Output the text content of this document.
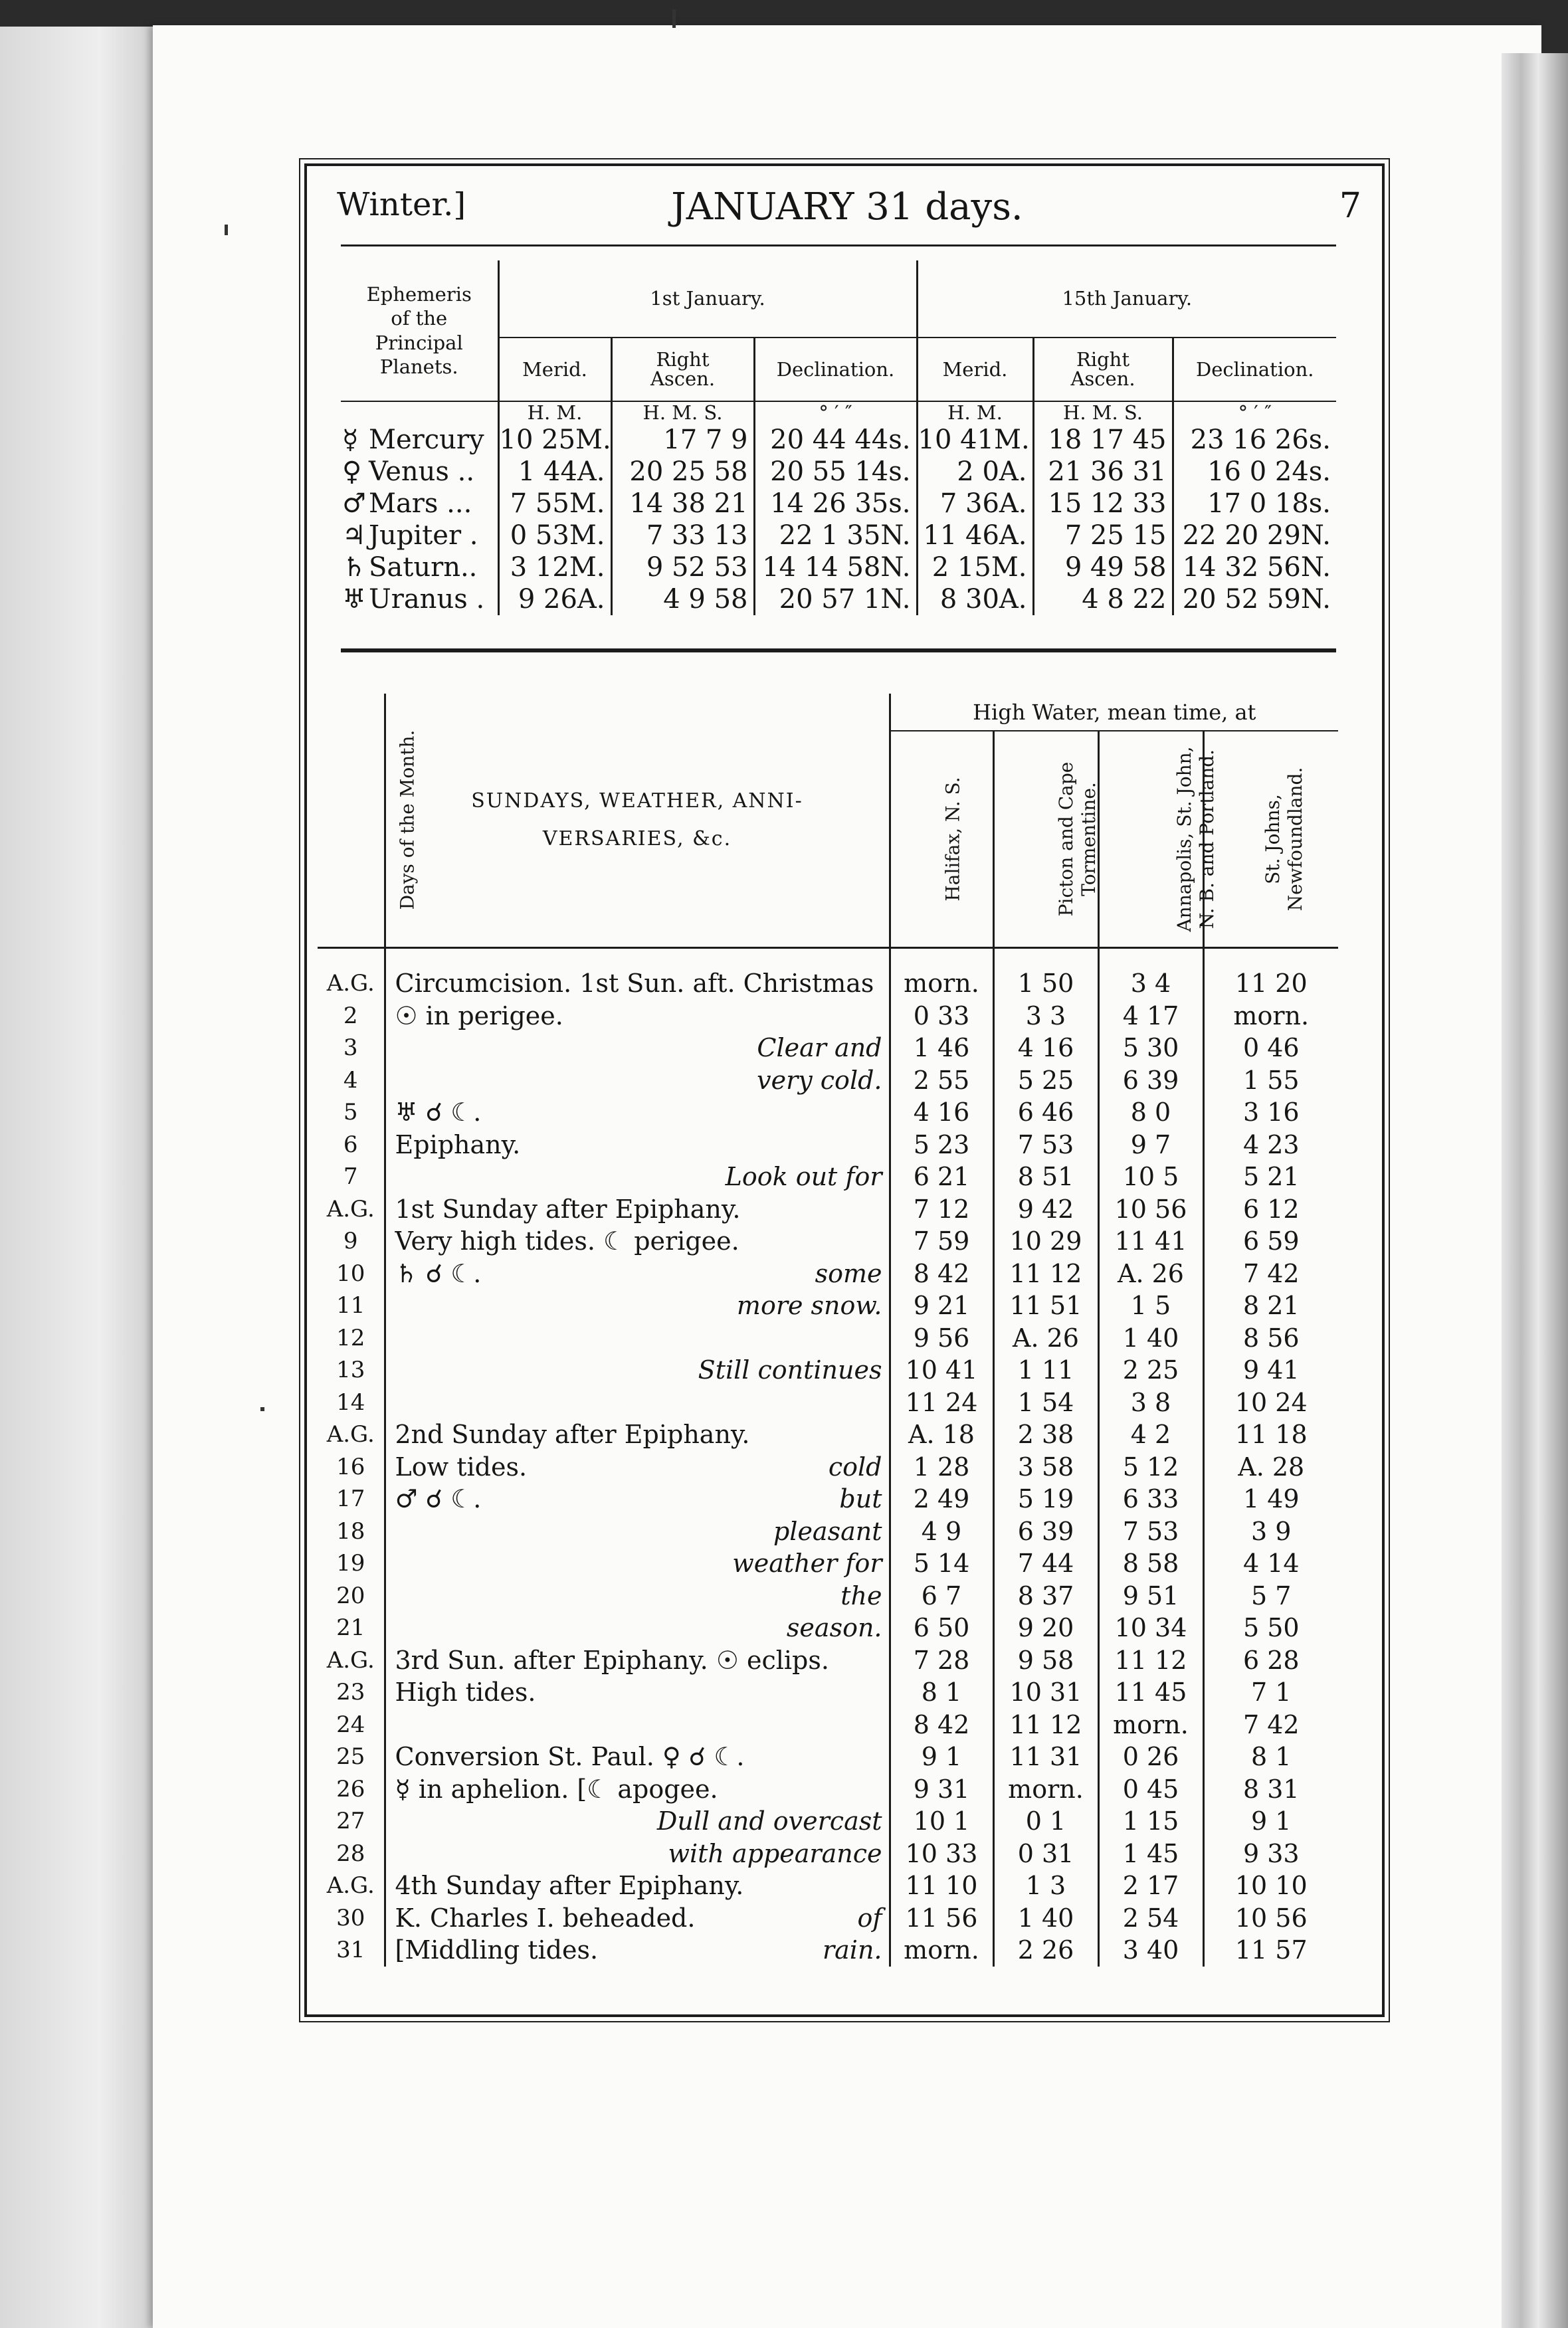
Winter.]	JANUARY 31 days.	7
Ephemeris of the Principal Planets.	1st January.			15th January.		
	Merid.	Right Ascen.	Declination.	Merid.	Right Ascen.	Declination.
	H. M.	H. M. S.	° ′ ″	H. M.	H. M. S.	° ′ ″
☿ Mercury	10 25M.	17 7 9	20 44 44s.	10 41M.	18 17 45	23 16 26s.
♀ Venus ..	1 44A.	20 25 58	20 55 14s.	2 0A.	21 36 31	16 0 24s.
♂ Mars ...	7 55M.	14 38 21	14 26 35s.	7 36A.	15 12 33	17 0 18s.
♃ Jupiter .	0 53M.	7 33 13	22 1 35N.	11 46A.	7 25 15	22 20 29N.
♄ Saturn..	3 12M.	9 52 53	14 14 58N.	2 15M.	9 49 58	14 32 56N.
♅ Uranus .	9 26A.	4 9 58	20 57 1N.	8 30A.	4 8 22	20 52 59N.
Days of the Month.	SUNDAYS, WEATHER, ANNI-
VERSARIES, &c.		High Water, mean time, at			
			Halifax, N. S.	Picton and Cape Tormentine.	Annapolis, St. John, N. B. and Portland.	St. Johns, Newfoundland.

A.G.	Circumcision. 1st Sun. aft. Christmas		morn.	1 50	3 4	11 20
2	☉ in perigee.		0 33	3 3	4 17	morn.
3		Clear and	1 46	4 16	5 30	0 46
4		very cold.	2 55	5 25	6 39	1 55
5	♅ ☌ ☾.		4 16	6 46	8 0	3 16
6	Epiphany.		5 23	7 53	9 7	4 23
7		Look out for	6 21	8 51	10 5	5 21
A.G.	1st Sunday after Epiphany.		7 12	9 42	10 56	6 12
9	Very high tides. ☾ perigee.		7 59	10 29	11 41	6 59
10	♄ ☌ ☾.	some	8 42	11 12	A. 26	7 42
11		more snow.	9 21	11 51	1 5	8 21
12			9 56	A. 26	1 40	8 56
13		Still continues	10 41	1 11	2 25	9 41
14			11 24	1 54	3 8	10 24
A.G.	2nd Sunday after Epiphany.		A. 18	2 38	4 2	11 18
16	Low tides.	cold	1 28	3 58	5 12	A. 28
17	♂ ☌ ☾.	but	2 49	5 19	6 33	1 49
18		pleasant	4 9	6 39	7 53	3 9
19		weather for	5 14	7 44	8 58	4 14
20		the	6 7	8 37	9 51	5 7
21		season.	6 50	9 20	10 34	5 50
A.G.	3rd Sun. after Epiphany. ☉ eclips.		7 28	9 58	11 12	6 28
23	High tides.		8 1	10 31	11 45	7 1
24			8 42	11 12	morn.	7 42
25	Conversion St. Paul. ♀ ☌ ☾.		9 1	11 31	0 26	8 1
26	☿ in aphelion. [☾ apogee.		9 31	morn.	0 45	8 31
27		Dull and overcast	10 1	0 1	1 15	9 1
28		with appearance	10 33	0 31	1 45	9 33
A.G.	4th Sunday after Epiphany.		11 10	1 3	2 17	10 10
30	K. Charles I. beheaded.	of	11 56	1 40	2 54	10 56
31	[Middling tides.	rain.	morn.	2 26	3 40	11 57
